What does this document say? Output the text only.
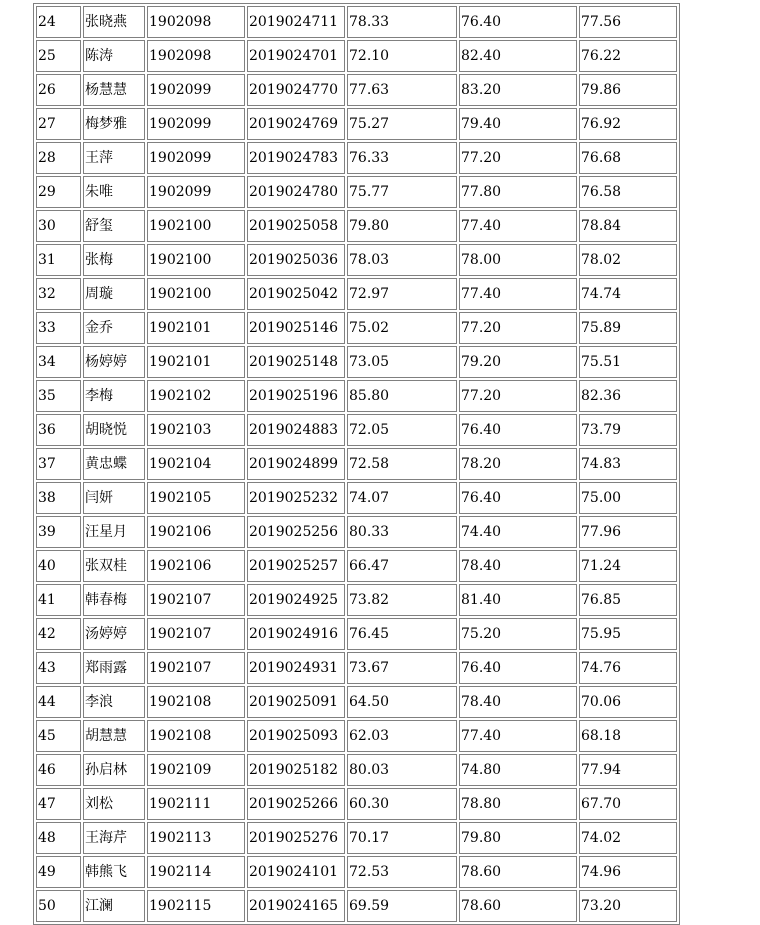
24	张晓燕	1902098	2019024711	78.33	76.40	77.56
25	陈涛	1902098	2019024701	72.10	82.40	76.22
26	杨慧慧	1902099	2019024770	77.63	83.20	79.86
27	梅梦雅	1902099	2019024769	75.27	79.40	76.92
28	王萍	1902099	2019024783	76.33	77.20	76.68
29	朱唯	1902099	2019024780	75.77	77.80	76.58
30	舒玺	1902100	2019025058	79.80	77.40	78.84
31	张梅	1902100	2019025036	78.03	78.00	78.02
32	周璇	1902100	2019025042	72.97	77.40	74.74
33	金乔	1902101	2019025146	75.02	77.20	75.89
34	杨婷婷	1902101	2019025148	73.05	79.20	75.51
35	李梅	1902102	2019025196	85.80	77.20	82.36
36	胡晓悦	1902103	2019024883	72.05	76.40	73.79
37	黄忠蝶	1902104	2019024899	72.58	78.20	74.83
38	闫妍	1902105	2019025232	74.07	76.40	75.00
39	汪星月	1902106	2019025256	80.33	74.40	77.96
40	张双桂	1902106	2019025257	66.47	78.40	71.24
41	韩春梅	1902107	2019024925	73.82	81.40	76.85
42	汤婷婷	1902107	2019024916	76.45	75.20	75.95
43	郑雨露	1902107	2019024931	73.67	76.40	74.76
44	李浪	1902108	2019025091	64.50	78.40	70.06
45	胡慧慧	1902108	2019025093	62.03	77.40	68.18
46	孙启林	1902109	2019025182	80.03	74.80	77.94
47	刘松	1902111	2019025266	60.30	78.80	67.70
48	王海芹	1902113	2019025276	70.17	79.80	74.02
49	韩熊飞	1902114	2019024101	72.53	78.60	74.96
50	江澜	1902115	2019024165	69.59	78.60	73.20
